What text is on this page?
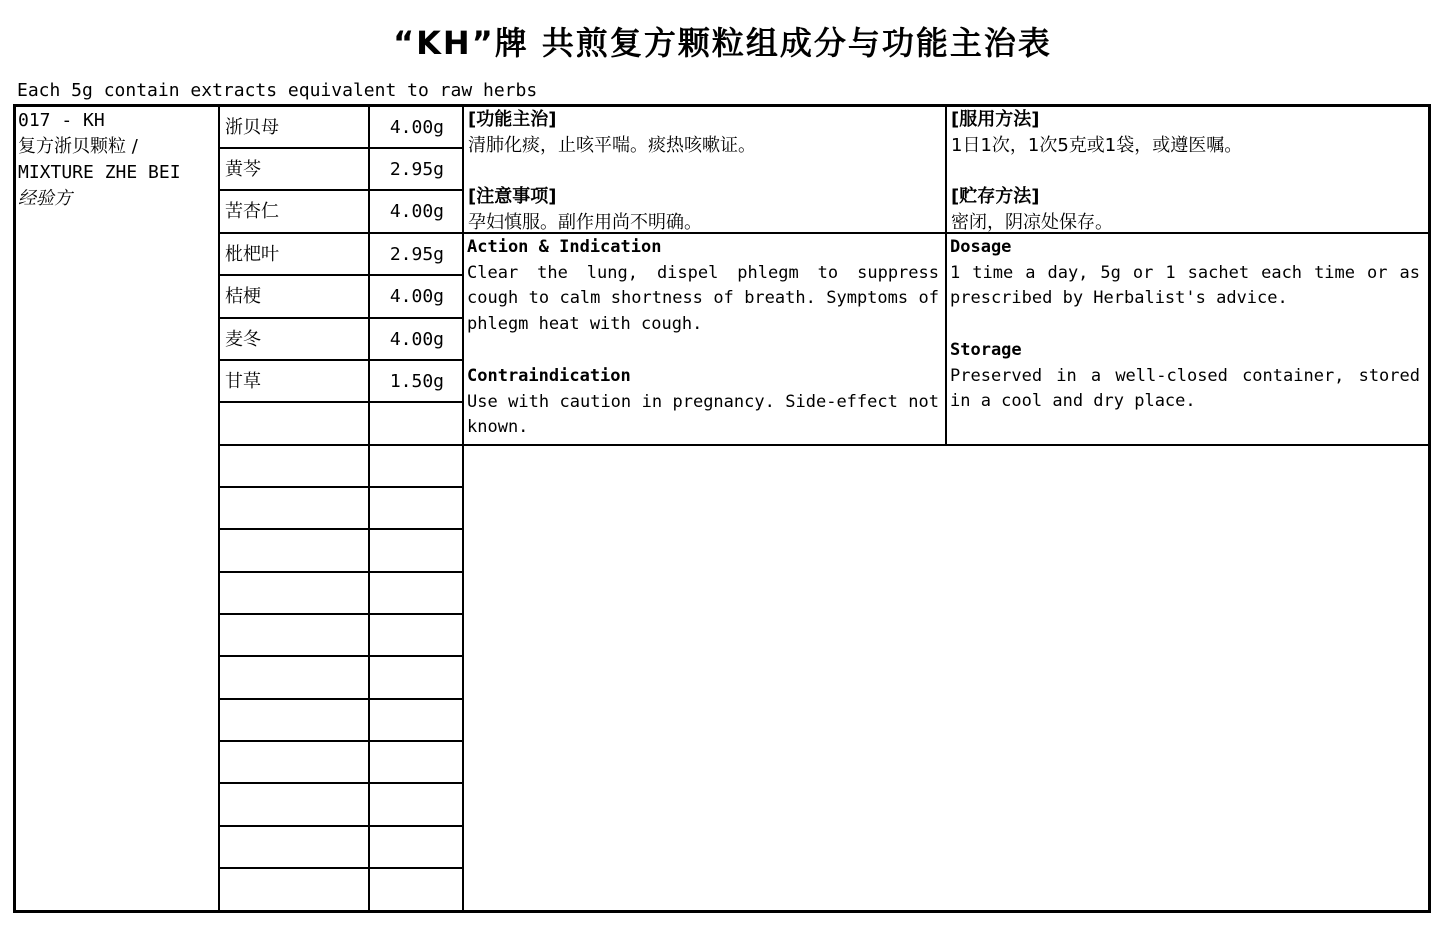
“KH”牌 共煎复方颗粒组成分与功能主治表
Each 5g contain extracts equivalent to raw herbs
017 - KH
复方浙贝颗粒 /
MIXTURE ZHE BEI
经验方
浙贝母	4.00g
黄芩	2.95g
苦杏仁	4.00g
枇杷叶	2.95g
桔梗	4.00g
麦冬	4.00g
甘草	1.50g
[功能主治]
清肺化痰，止咳平喘。痰热咳嗽证。
[注意事项]
孕妇慎服。副作用尚不明确。
[服用方法]
1日1次，1次5克或1袋，或遵医嘱。
[贮存方法]
密闭，阴凉处保存。
Action & Indication
Clear the lung, dispel phlegm to suppress cough to calm shortness of breath. Symptoms of phlegm heat with cough.
Contraindication
Use with caution in pregnancy. Side-effect not known.
Dosage
1 time a day, 5g or 1 sachet each time or as prescribed by Herbalist's advice.
Storage
Preserved in a well-closed container, stored in a cool and dry place.
